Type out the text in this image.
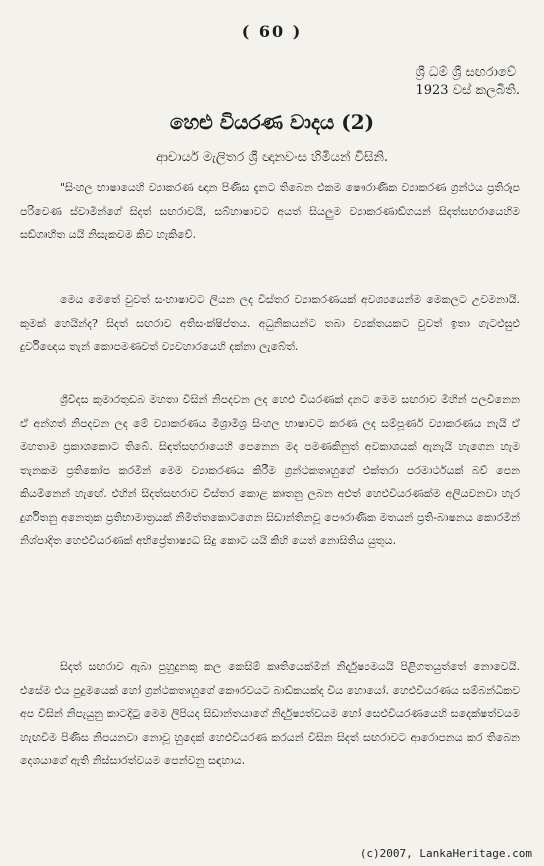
( 60 )
ශ්‍රී ධම් ශ්‍රී සඟරාවේ
1923 වස් කලබිති.
හෙළු වියරණ වාදය (2)
ආචාර්ය මැලිතර ශ්‍රී ඥානවංස හිමියන් විසිනි.
"සිංහල භාෂායෙහි ව්‍යාකරණ ඥාන පිණිස දැනට තිබෙන එකම ෂෞරාණික ව්‍යාකරණ ග්‍රන්ථය ප්‍රතිරූප පරිවෙණ ස්වාමීන්ගේ සිදත් සඟරාවයි, සබ්හාෂාවට අයත් සියලුම ව්‍යාකරණාඞ්ගයන් සිදත්සඟරායෙහිම සඞ්ගෘහීත යයි නිසැකවම කිව හැකිවේ.
මෙය මෙතේ වුවත් සංභාෂාවට ලියන ලද විස්තර ව්‍යාකරණයක් අවශ්‍යයෙන්ම මෙකලට උවමනායි. කුමක් හෙයින්ද? සිදත් සඟරාව අතිසංක්ෂිප්තය. අධුනිකයන්ට තබා ව්‍යක්තයකට වුවත් ඉතා ගැටළුසුළු දුර්විඥෙය තැන් කොපමණවත් ව්‍යවහාරයෙහි දක්නා ලැබේත්.
ශ්‍රීවිදස කුමාරතුඩබ මහතා විසින් නිපදවන ලද හෙළු වියරණක් දනට මෙම සඟරාව මිහින් පලවිනෙන ඒ අන්ගත් නිපදවන ලද මේ ව්‍යාකරණය මිශ්‍රාමිශ්‍ර සිංහල භාෂාවට කරණ ලද සම්පූර්ණ ව්‍යාකරණය නැයි ඒ මහතාම ප්‍රකාශකොට තිබේ. සිඳත්සඟරායෙහි පෙනෙන මද පමණකිනුත් අවකාශයක් ඇනැයි හැගෙන හැම තැනකම ප්‍රතිකෝප කරමින් මෙම ව්‍යාකරණය කිරීම ග්‍රන්ථකතෘහුගේ එක්තරා පරමාර්ථයක් බව් පෙන කියමිනෙන් හැඟේ. එහින් සිදත්සඟරාව විස්තර කොළ කෘතනු ලබන අළුත් හෙළුවියරණක්ම අලියවනවා හැර දුර්ගිතනු අනෙතුක ප්‍රතිභාමාත්‍රයක් නිමිත්තකොටගෙන සිඩාන්තිනවූ පෞරාණික මතයන් ප්‍රති-බාෂනය කොරමින් නිශ්පාදිත හෙළුවියරණක් අභිප්‍රේතාෂ්‍යධ සිදු කොට යයි කිහි යෙත් නොසිතිය යුතුය.
සිදත් සඟරාව ඇබා පුහුදුනකු කල කෙසිම් කෘතියෙක්මින් නිර්දුෂ්‍යමයයි පිළිගතයුත්තේ නොවෙයි. එසේම එය පුදුමයෙක් හෝ ග්‍රන්ථකතෘහුගේ කෞරවයට බාඩ්කයක්ද විය හොයෝ. හෙළුවියරණය සම්බන්ධිකව අප විසින් නිපැයුනු කාටදිටු මෙම ලිපියද සිඩාන්තයාගේ නිර්දුෂ්‍යත්වයම හෝ සෙළුවියරණයෙහි සදෙක්ෂත්වයම හැඟවීම පිණිස නිපයනවා නොවූ හුදෙක් හෙළුවියරණ කරයන් විසින සිදත් සඟරාවට ආරොපනය කර තිබෙන දෙශයාගේ ඇති නිස්සාරත්වයම පෙන්වනු සඳහාය.
(c)2007, LankaHeritage.com
